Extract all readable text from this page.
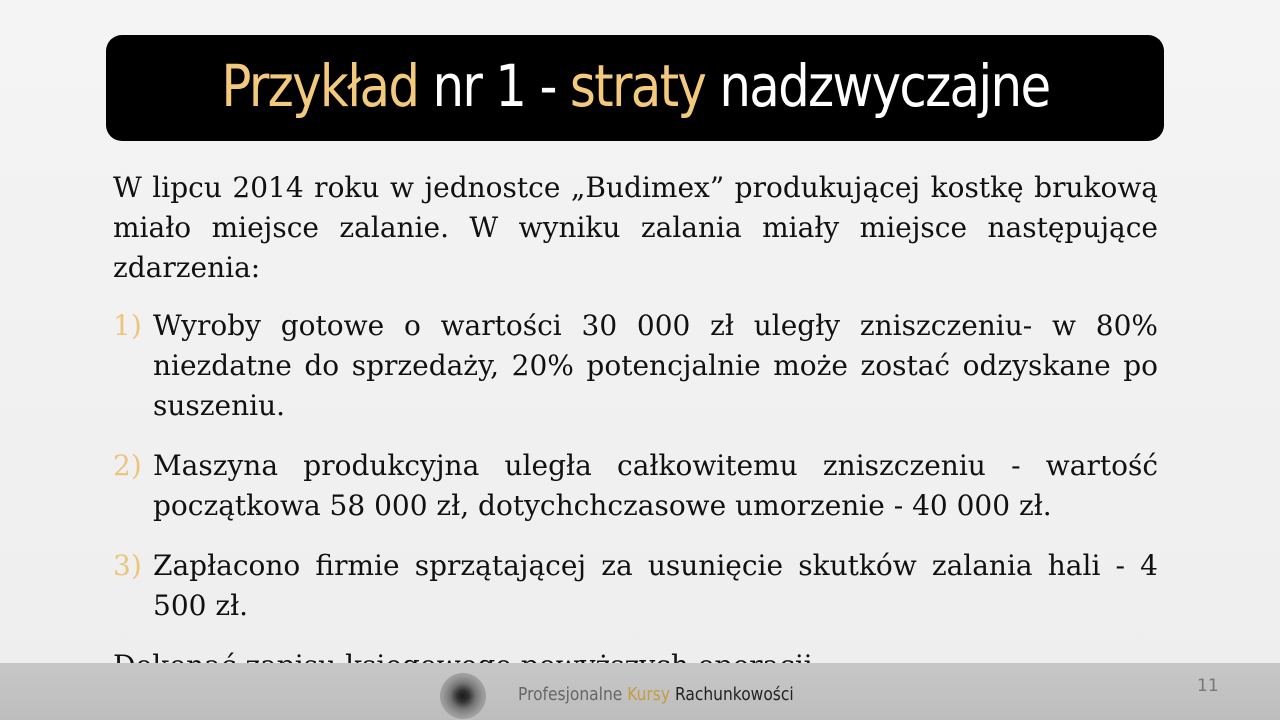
Przykład nr 1 - straty nadzwyczajne

W lipcu 2014 roku w jednostce „Budimex” produkującej kostkę brukową miało miejsce zalanie. W wyniku zalania miały miejsce następujące zdarzenia:

1) Wyroby gotowe o wartości 30 000 zł uległy zniszczeniu- w 80% niezdatne do sprzedaży, 20% potencjalnie może zostać odzyskane po suszeniu.
2) Maszyna produkcyjna uległa całkowitemu zniszczeniu - wartość początkowa 58 000 zł, dotychchczasowe umorzenie - 40 000 zł.
3) Zapłacono firmie sprzątającej za usunięcie skutków zalania hali - 4 500 zł.

Profesjonalne Kursy Rachunkowości	11
